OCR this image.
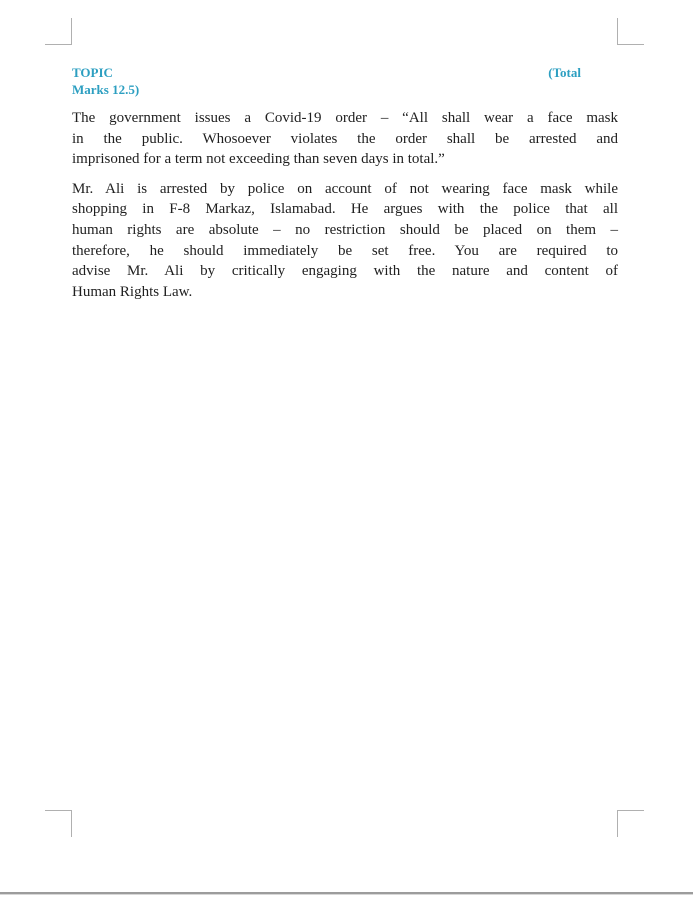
TOPIC	(Total
Marks 12.5)
The government issues a Covid-19 order – “All shall wear a face mask
in the public. Whosoever violates the order shall be arrested and
imprisoned for a term not exceeding than seven days in total.”
Mr. Ali is arrested by police on account of not wearing face mask while
shopping in F-8 Markaz, Islamabad. He argues with the police that all
human rights are absolute – no restriction should be placed on them –
therefore, he should immediately be set free. You are required to
advise Mr. Ali by critically engaging with the nature and content of
Human Rights Law.
